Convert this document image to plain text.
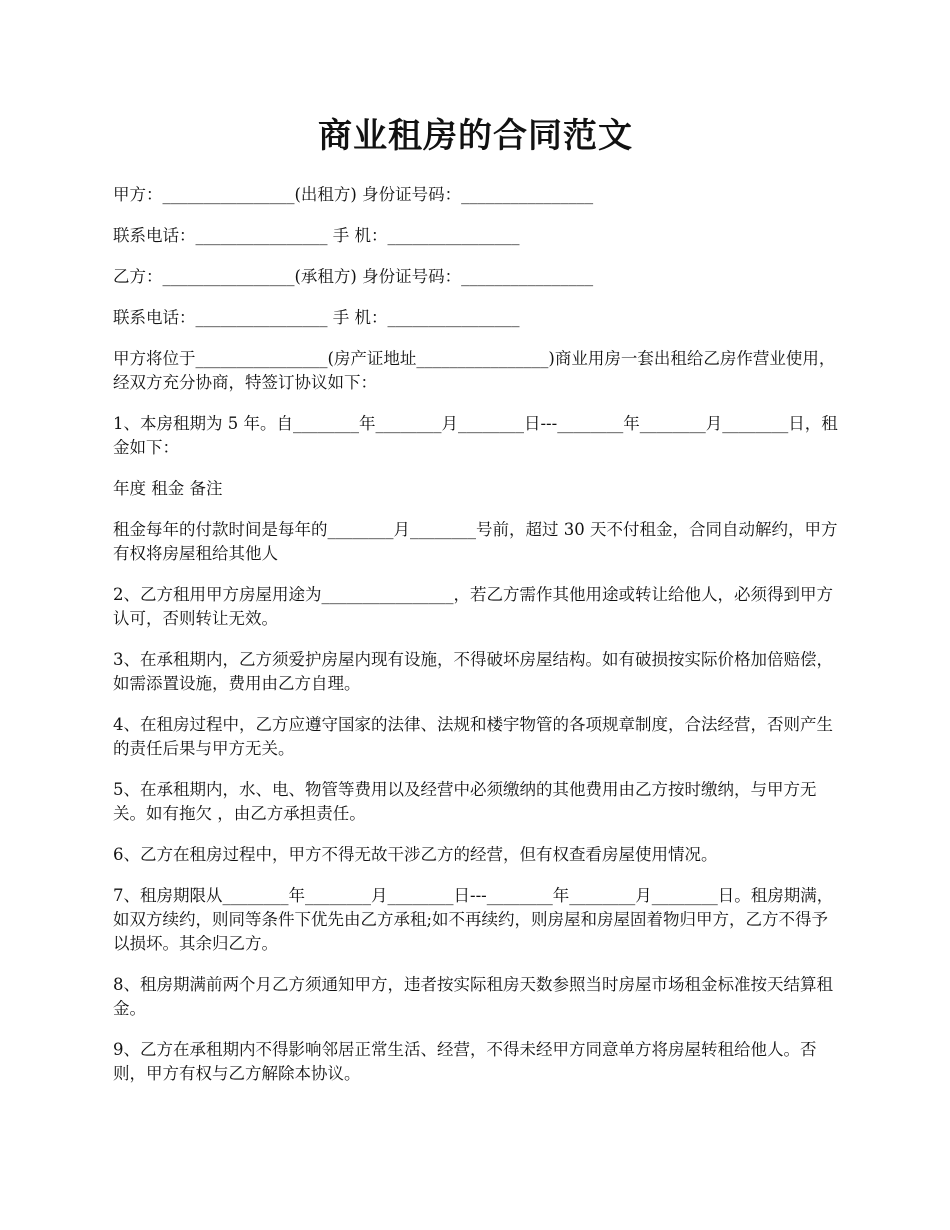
商业租房的合同范文

甲方：________________(出租方) 身份证号码：________________

联系电话：________________ 手 机：________________

乙方：________________(承租方) 身份证号码：________________

联系电话：________________ 手 机：________________

甲方将位于________________(房产证地址________________)商业用房一套出租给乙房作营业使用，经双方充分协商，特签订协议如下：

1、本房租期为 5 年。自________年________月________日---________年________月________日，租金如下：

年度 租金 备注

租金每年的付款时间是每年的________月________号前，超过 30 天不付租金，合同自动解约，甲方有权将房屋租给其他人

2、乙方租用甲方房屋用途为________________，若乙方需作其他用途或转让给他人，必须得到甲方认可，否则转让无效。

3、在承租期内，乙方须爱护房屋内现有设施，不得破坏房屋结构。如有破损按实际价格加倍赔偿，如需添置设施，费用由乙方自理。

4、在租房过程中，乙方应遵守国家的法律、法规和楼宇物管的各项规章制度，合法经营，否则产生的责任后果与甲方无关。

5、在承租期内，水、电、物管等费用以及经营中必须缴纳的其他费用由乙方按时缴纳，与甲方无关。如有拖欠 ，由乙方承担责任。

6、乙方在租房过程中，甲方不得无故干涉乙方的经营，但有权查看房屋使用情况。

7、租房期限从________年________月________日---________年________月________日。租房期满，如双方续约，则同等条件下优先由乙方承租;如不再续约，则房屋和房屋固着物归甲方，乙方不得予以损坏。其余归乙方。

8、租房期满前两个月乙方须通知甲方，违者按实际租房天数参照当时房屋市场租金标准按天结算租金。

9、乙方在承租期内不得影响邻居正常生活、经营，不得未经甲方同意单方将房屋转租给他人。否则，甲方有权与乙方解除本协议。
